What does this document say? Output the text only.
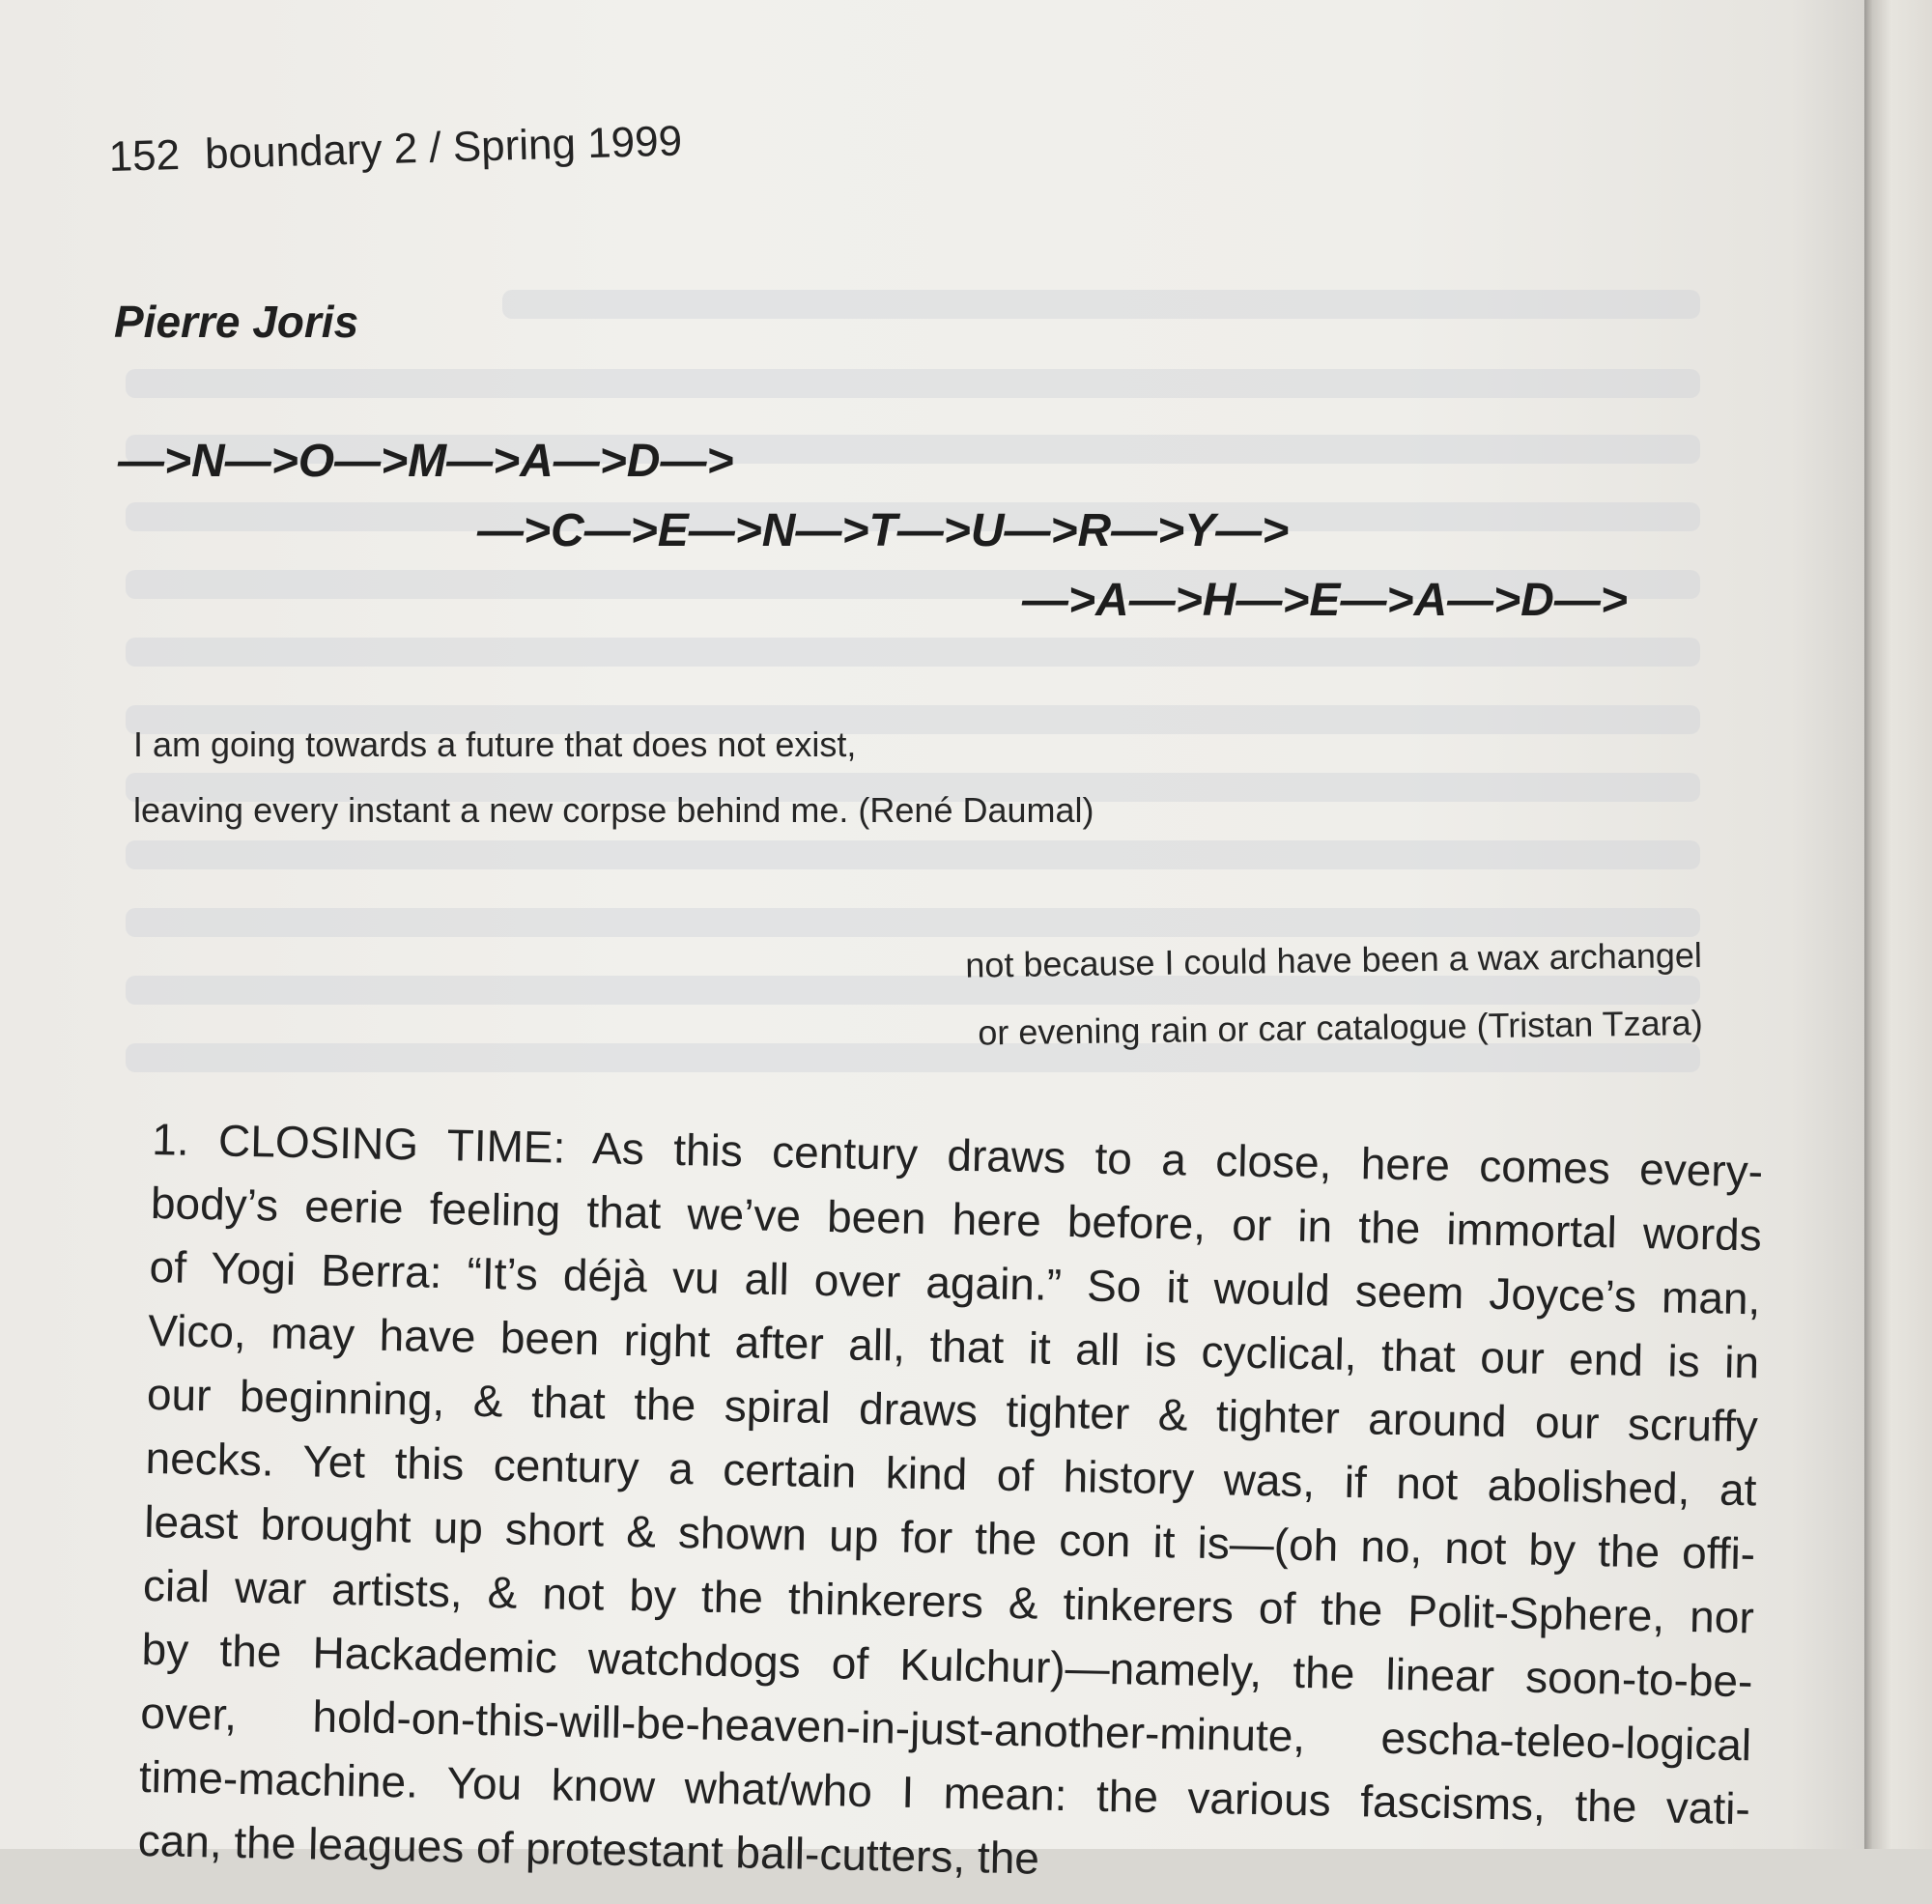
152 boundary 2 / Spring 1999
Pierre Joris
—>N—>O—>M—>A—>D—>
—>C—>E—>N—>T—>U—>R—>Y—>
—>A—>H—>E—>A—>D—>
I am going towards a future that does not exist,
leaving every instant a new corpse behind me. (René Daumal)
not because I could have been a wax archangel
or evening rain or car catalogue (Tristan Tzara)
1. CLOSING TIME: As this century draws to a close, here comes every-
body’s eerie feeling that we’ve been here before, or in the immortal words
of Yogi Berra: “It’s déjà vu all over again.” So it would seem Joyce’s man,
Vico, may have been right after all, that it all is cyclical, that our end is in
our beginning, & that the spiral draws tighter & tighter around our scruffy
necks. Yet this century a certain kind of history was, if not abolished, at
least brought up short & shown up for the con it is—(oh no, not by the offi-
cial war artists, & not by the thinkerers & tinkerers of the Polit-Sphere, nor
by the Hackademic watchdogs of Kulchur)—namely, the linear soon-to-be-
over, hold-on-this-will-be-heaven-in-just-another-minute, escha-teleo-logical
time-machine. You know what/who I mean: the various fascisms, the vati-
can, the leagues of protestant ball-cutters, the
